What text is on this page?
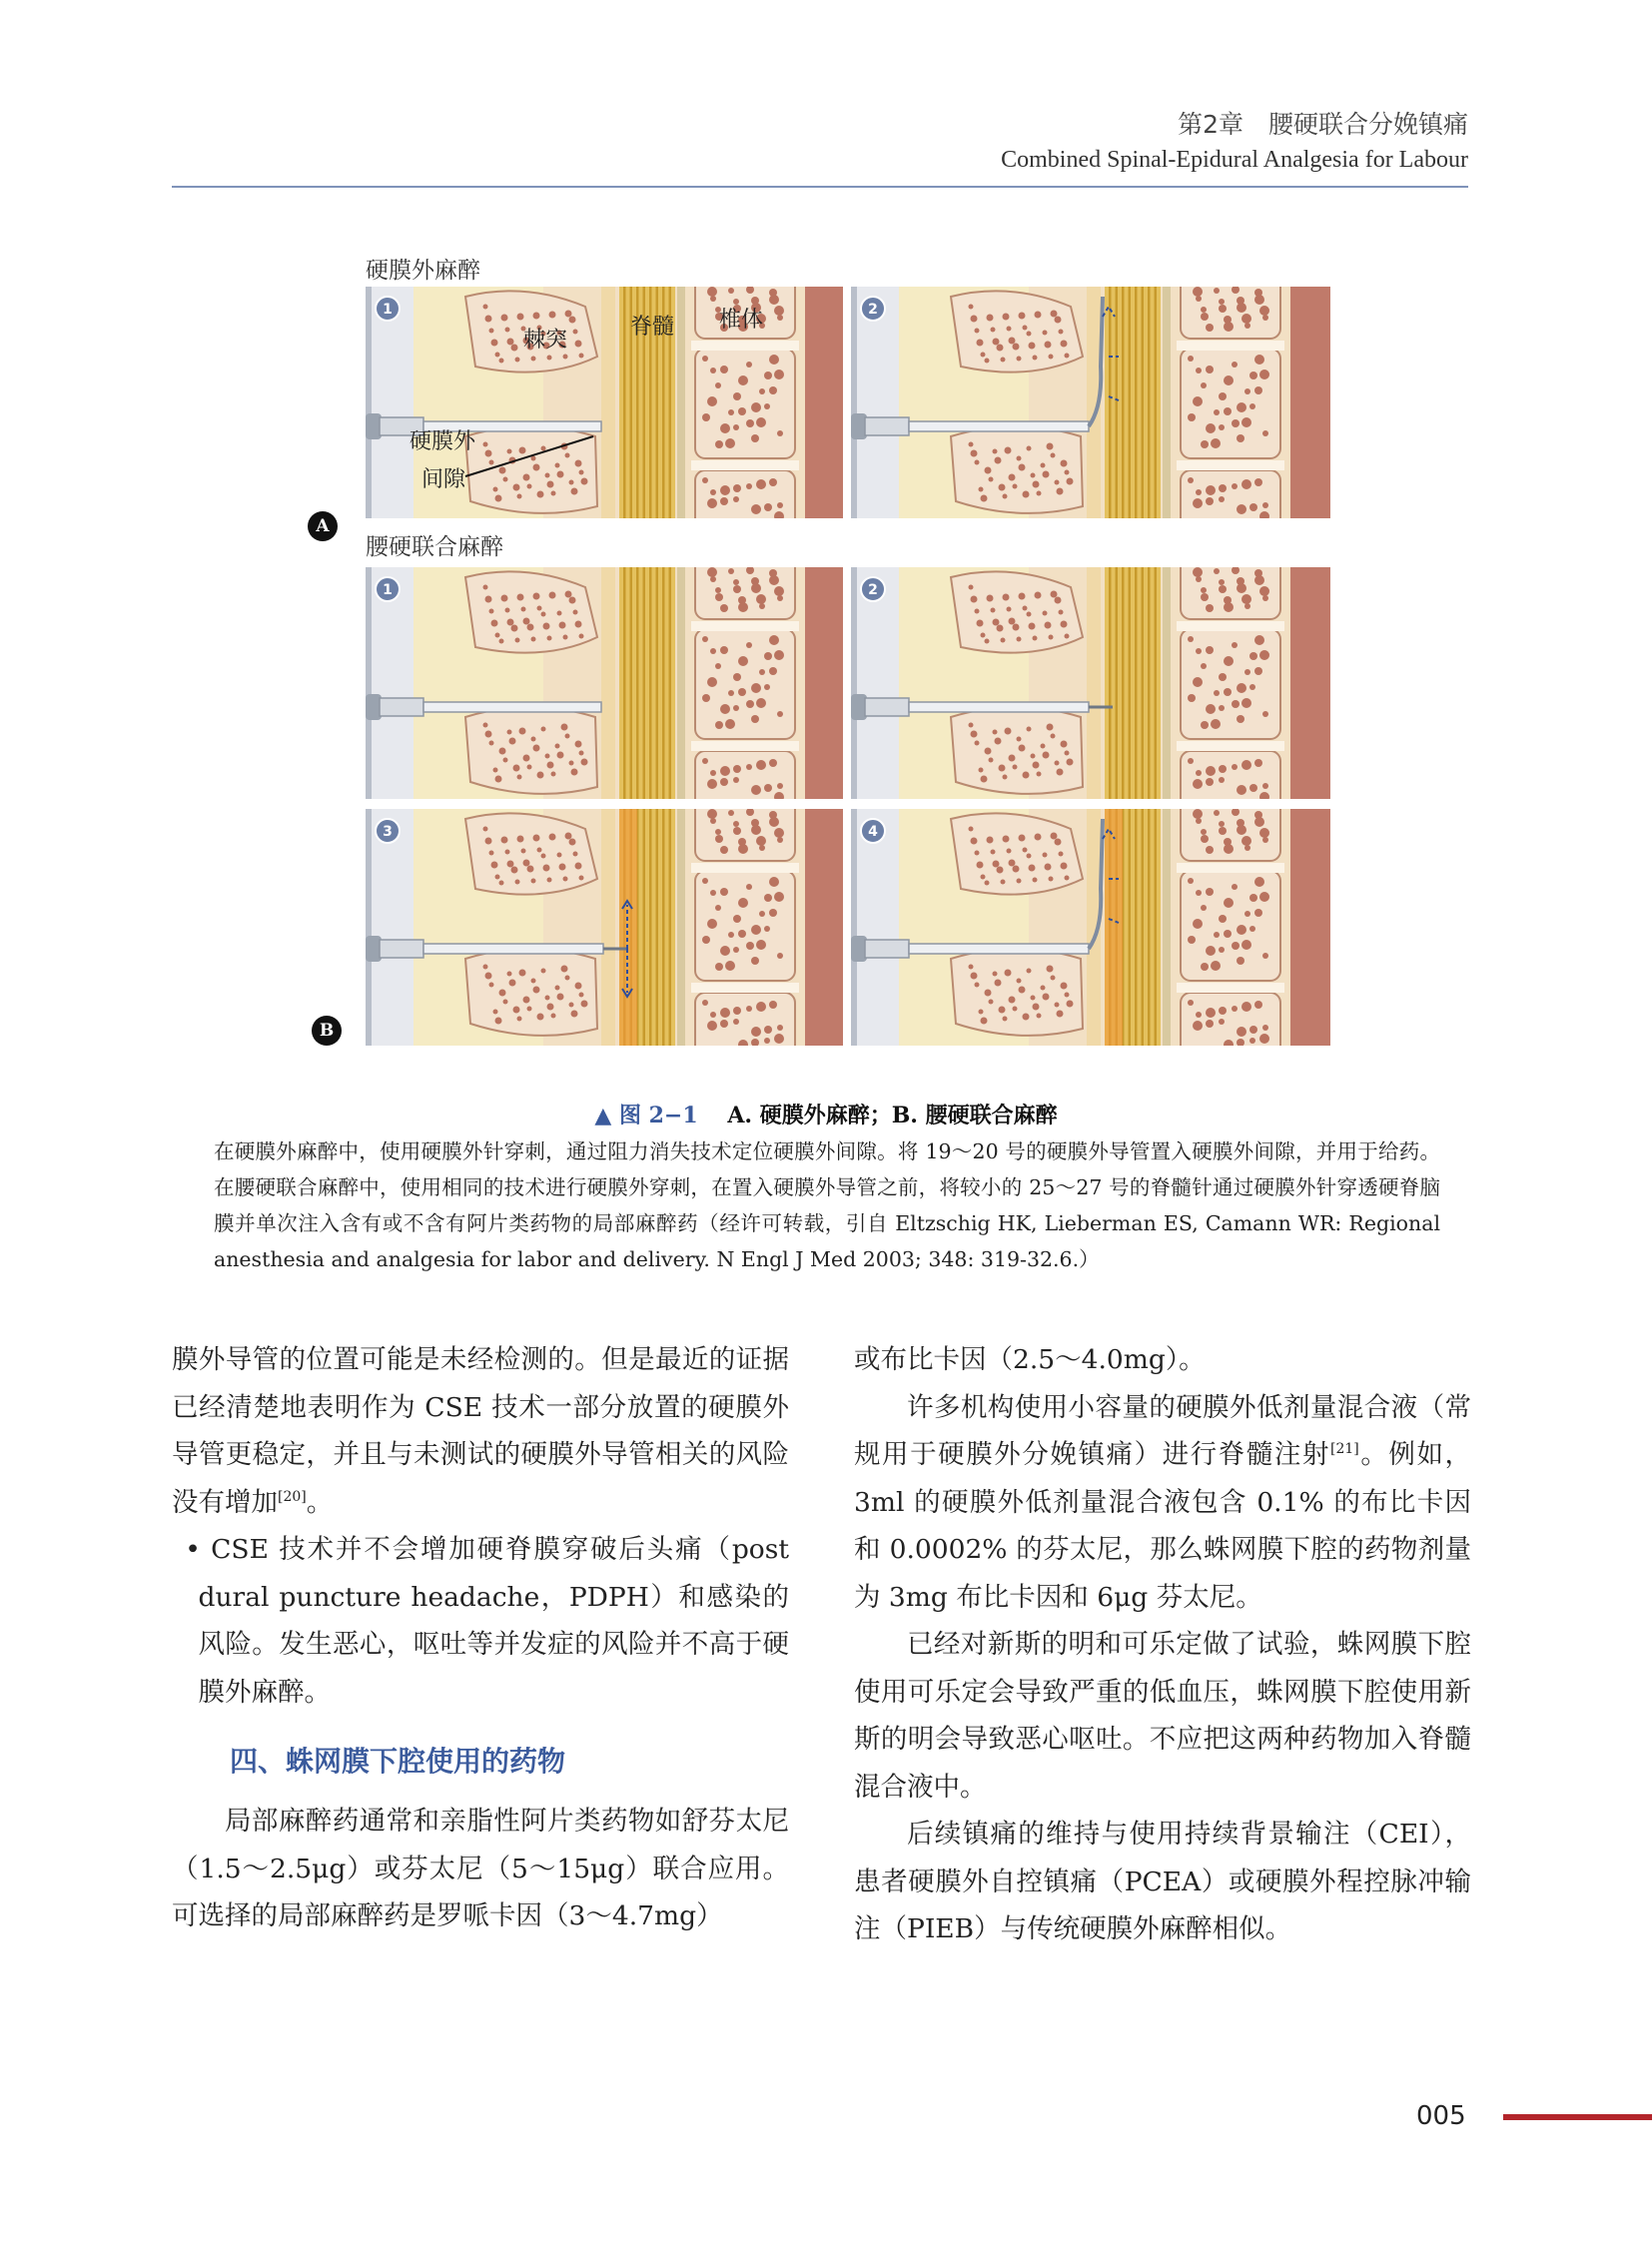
第2章　腰硬联合分娩镇痛
Combined Spinal-Epidural Analgesia for Labour
硬膜外麻醉
腰硬联合麻醉
A
B
1	2
1	2
3	4
棘突
脊髓 椎体
硬膜外
间隙
▲ 图 2−1   A. 硬膜外麻醉；B. 腰硬联合麻醉
在硬膜外麻醉中，使用硬膜外针穿刺，通过阻力消失技术定位硬膜外间隙。将 19～20 号的硬膜外导管置入硬膜外间隙，并用于给药。在腰硬联合麻醉中，使用相同的技术进行硬膜外穿刺，在置入硬膜外导管之前，将较小的 25～27 号的脊髓针通过硬膜外针穿透硬脊脑膜并单次注入含有或不含有阿片类药物的局部麻醉药（经许可转载，引自 Eltzschig HK, Lieberman ES, Camann WR: Regional anesthesia and analgesia for labor and delivery. N Engl J Med 2003; 348: 319-32.6.）

膜外导管的位置可能是未经检测的。但是最近的证据已经清楚地表明作为 CSE 技术一部分放置的硬膜外导管更稳定，并且与未测试的硬膜外导管相关的风险没有增加[20]。

• CSE 技术并不会增加硬脊膜穿破后头痛（post dural puncture headache，PDPH）和感染的风险。发生恶心，呕吐等并发症的风险并不高于硬膜外麻醉。

四、蛛网膜下腔使用的药物

局部麻醉药通常和亲脂性阿片类药物如舒芬太尼（1.5～2.5μg）或芬太尼（5～15μg）联合应用。可选择的局部麻醉药是罗哌卡因（3～4.7mg）

或布比卡因（2.5～4.0mg）。

许多机构使用小容量的硬膜外低剂量混合液（常规用于硬膜外分娩镇痛）进行脊髓注射[21]。例如，3ml 的硬膜外低剂量混合液包含 0.1% 的布比卡因和 0.0002% 的芬太尼，那么蛛网膜下腔的药物剂量为 3mg 布比卡因和 6μg 芬太尼。

已经对新斯的明和可乐定做了试验，蛛网膜下腔使用可乐定会导致严重的低血压，蛛网膜下腔使用新斯的明会导致恶心呕吐。不应把这两种药物加入脊髓混合液中。

后续镇痛的维持与使用持续背景输注（CEI），患者硬膜外自控镇痛（PCEA）或硬膜外程控脉冲输注（PIEB）与传统硬膜外麻醉相似。

005
